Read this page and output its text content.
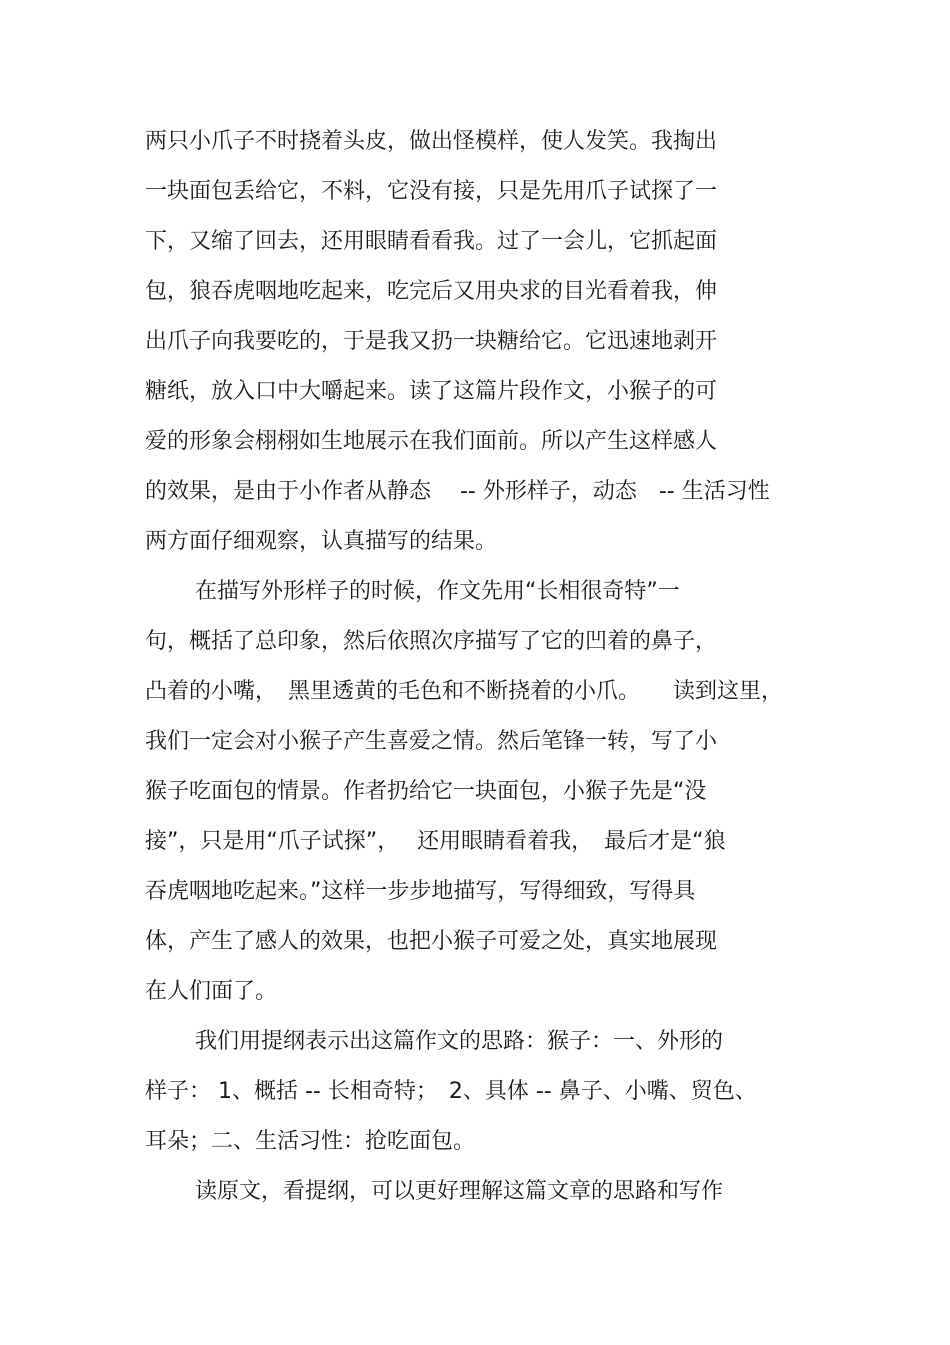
两只小爪子不时挠着头皮，做出怪模样，使人发笑。我掏出
一块面包丢给它，不料，它没有接，只是先用爪子试探了一
下，又缩了回去，还用眼睛看看我。过了一会儿，它抓起面
包，狼吞虎咽地吃起来，吃完后又用央求的目光看着我，伸
出爪子向我要吃的，于是我又扔一块糖给它。它迅速地剥开
糖纸，放入口中大嚼起来。读了这篇片段作文，小猴子的可
爱的形象会栩栩如生地展示在我们面前。所以产生这样感人
的效果，是由于小作者从静态　 -- 外形样子，动态　-- 生活习性
两方面仔细观察，认真描写的结果。
在描写外形样子的时候，作文先用“长相很奇特”一
句，概括了总印象，然后依照次序描写了它的凹着的鼻子，
凸着的小嘴，　黑里透黄的毛色和不断挠着的小爪。　　读到这里，
我们一定会对小猴子产生喜爱之情。然后笔锋一转，写了小
猴子吃面包的情景。作者扔给它一块面包，小猴子先是“没
接”，只是用“爪子试探”，　 还用眼睛看着我，　最后才是“狼
吞虎咽地吃起来。”这样一步步地描写，写得细致，写得具
体，产生了感人的效果，也把小猴子可爱之处，真实地展现
在人们面了。
我们用提纲表示出这篇作文的思路：猴子：一、外形的
样子： 1、概括 -- 长相奇特；　2、具体 -- 鼻子、小嘴、贸色、
耳朵；二、生活习性：抢吃面包。
读原文，看提纲，可以更好理解这篇文章的思路和写作
